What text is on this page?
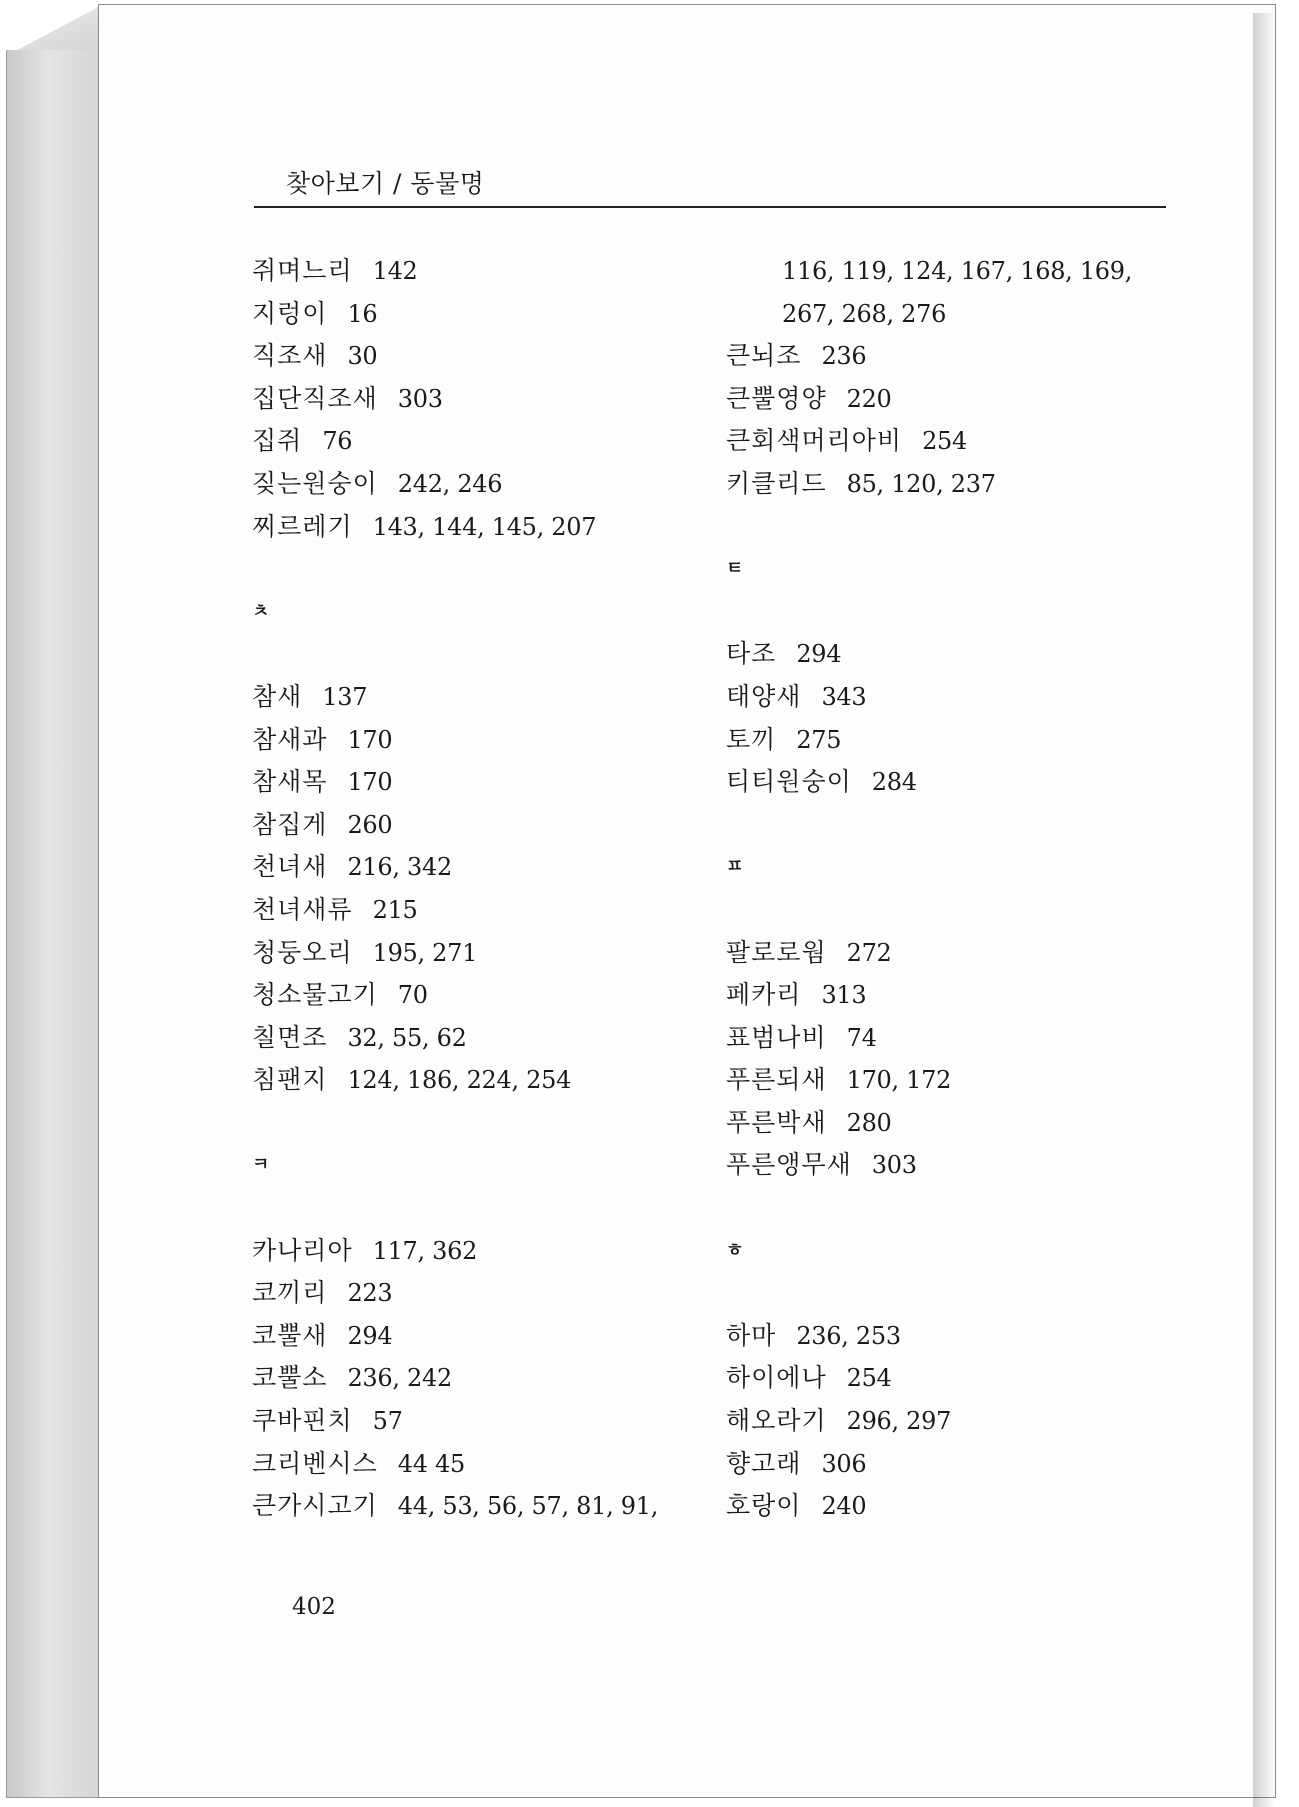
찾아보기 / 동물명
쥐며느리 142
지렁이 16
직조새 30
집단직조새 303
집쥐 76
짖는원숭이 242, 246
찌르레기 143, 144, 145, 207
ㅊ
참새 137
참새과 170
참새목 170
참집게 260
천녀새 216, 342
천녀새류 215
청둥오리 195, 271
청소물고기 70
칠면조 32, 55, 62
침팬지 124, 186, 224, 254
ㅋ
카나리아 117, 362
코끼리 223
코뿔새 294
코뿔소 236, 242
쿠바핀치 57
크리벤시스 44 45
큰가시고기 44, 53, 56, 57, 81, 91,
116, 119, 124, 167, 168, 169,
267, 268, 276
큰뇌조 236
큰뿔영양 220
큰회색머리아비 254
키클리드 85, 120, 237
ㅌ
타조 294
태양새 343
토끼 275
티티원숭이 284
ㅍ
팔로로웜 272
페카리 313
표범나비 74
푸른되새 170, 172
푸른박새 280
푸른앵무새 303
ㅎ
하마 236, 253
하이에나 254
해오라기 296, 297
향고래 306
호랑이 240
402
